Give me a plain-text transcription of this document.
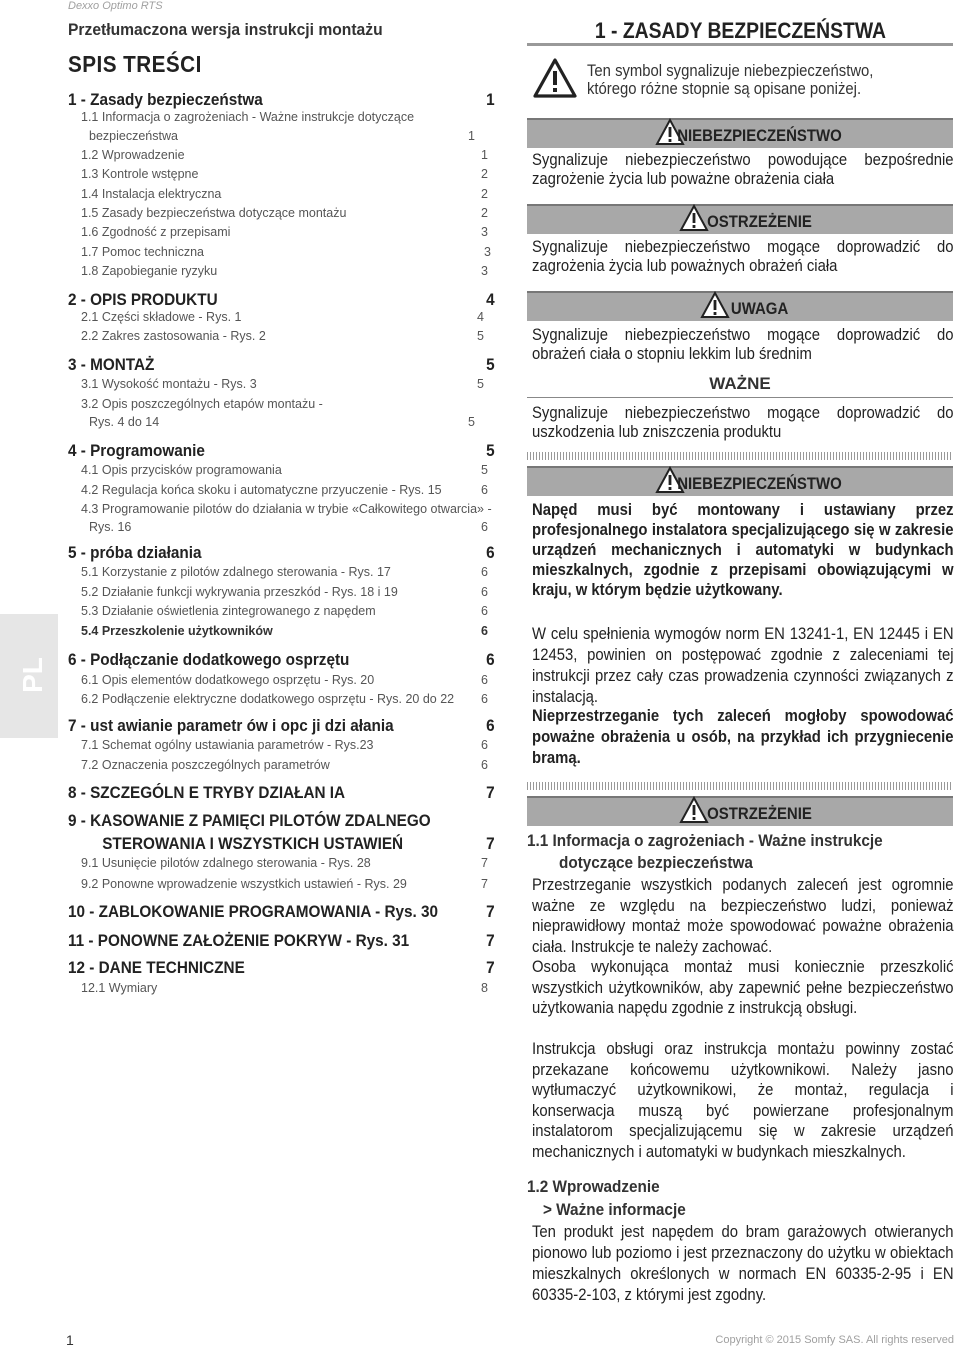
Dexxo Optimo RTS
Przetłumaczona wersja instrukcji montażu
SPIS TREŚCI
PL
1 - Zasady bezpieczeństwa	1
1.1 Informacja o zagrożeniach - Ważne instrukcje dotyczące
bezpieczeństwa	1
1.2 Wprowadzenie	1
1.3 Kontrole wstępne	2
1.4 Instalacja elektryczna	2
1.5 Zasady bezpieczeństwa dotyczące montażu	2
1.6 Zgodność z przepisami	3
1.7 Pomoc techniczna	3
1.8 Zapobieganie ryzyku	3
2 - OPIS PRODUKTU	4
2.1 Części składowe - Rys. 1	4
2.2 Zakres zastosowania - Rys. 2	5
3 - MONTAŻ	5
3.1 Wysokość montażu - Rys. 3	5
3.2 Opis poszczególnych etapów montażu -
Rys. 4 do 14	5
4 - Programowanie	5
4.1 Opis przycisków programowania	5
4.2 Regulacja końca skoku i automatyczne przyuczenie - Rys. 15	6
4.3 Programowanie pilotów do działania w trybie «Całkowitego otwarcia» -
Rys. 16	6
5 - próba działania	6
5.1 Korzystanie z pilotów zdalnego sterowania - Rys. 17	6
5.2 Działanie funkcji wykrywania przeszkód - Rys. 18 i 19	6
5.3 Działanie oświetlenia zintegrowanego z napędem	6
5.4 Przeszkolenie użytkowników	6
6 - Podłączanie dodatkowego osprzętu	6
6.1 Opis elementów dodatkowego osprzętu - Rys. 20	6
6.2 Podłączenie elektryczne dodatkowego osprzętu - Rys. 20 do 22 6
7 - ust awianie parametr ów i opc ji dzi ałania	6
7.1 Schemat ogólny ustawiania parametrów - Rys.23	6
7.2 Oznaczenia poszczególnych parametrów	6
8 - SZCZEGÓLN E TRYBY DZIAŁAN IA	7
9 - KASOWANIE Z PAMIĘCI PILOTÓW ZDALNEGO
STEROWANIA I WSZYSTKICH USTAWIEŃ	7
9.1 Usunięcie pilotów zdalnego sterowania - Rys. 28	7
9.2 Ponowne wprowadzenie wszystkich ustawień - Rys. 29	7
10 - ZABLOKOWANIE PROGRAMOWANIA - Rys. 30	7
11 - PONOWNE ZAŁOŻENIE POKRYW - Rys. 31	7
12 - DANE TECHNICZNE	7
12.1 Wymiary	8
1 - ZASADY BEZPIECZEŃSTWA
Ten symbol sygnalizuje niebezpieczeństwo,
którego różne stopnie są opisane poniżej.
NIEBEZPIECZEŃSTWO
Sygnalizuje niebezpieczeństwo powodujące bezpośrednie zagrożenie życia lub poważne obrażenia ciała
OSTRZEŻENIE
Sygnalizuje niebezpieczeństwo mogące doprowadzić do zagrożenia życia lub poważnych obrażeń ciała
UWAGA
Sygnalizuje niebezpieczeństwo mogące doprowadzić do obrażeń ciała o stopniu lekkim lub średnim
WAŻNE
Sygnalizuje niebezpieczeństwo mogące doprowadzić do uszkodzenia lub zniszczenia produktu
NIEBEZPIECZEŃSTWO
Napęd musi być montowany i ustawiany przez profesjonalnego instalatora specjalizującego się w zakresie urządzeń mechanicznych i automatyki w budynkach mieszkalnych, zgodnie z przepisami obowiązującymi w kraju, w którym będzie użytkowany.
W celu spełnienia wymogów norm EN 13241-1, EN 12445 i EN 12453, powinien on postępować zgodnie z zaleceniami tej instrukcji przez cały czas prowadzenia czynności związanych z instalacją.
Nieprzestrzeganie tych zaleceń mogłoby spowodować poważne obrażenia u osób, na przykład ich przygniecenie bramą.
OSTRZEŻENIE
1.1 Informacja o zagrożeniach - Ważne instrukcje
dotyczące bezpieczeństwa
Przestrzeganie wszystkich podanych zaleceń jest ogromnie ważne ze względu na bezpieczeństwo ludzi, ponieważ nieprawidłowy montaż może spowodować poważne obrażenia ciała. Instrukcje te należy zachować.
Osoba wykonująca montaż musi koniecznie przeszkolić wszystkich użytkowników, aby zapewnić pełne bezpieczeństwo użytkowania napędu zgodnie z instrukcją obsługi.
Instrukcja obsługi oraz instrukcja montażu powinny zostać przekazane końcowemu użytkownikowi. Należy jasno wytłumaczyć użytkownikowi, że montaż, regulacja i konserwacja muszą być powierzane profesjonalnym instalatorom specjalizującemu się w zakresie urządzeń mechanicznych i automatyki w budynkach mieszkalnych.
1.2 Wprowadzenie
> Ważne informacje
Ten produkt jest napędem do bram garażowych otwieranych pionowo lub poziomo i jest przeznaczony do użytku w obiektach mieszkalnych określonych w normach EN 60335-2-95 i EN 60335-2-103, z którymi jest zgodny.
1	Copyright © 2015 Somfy SAS. All rights reserved
